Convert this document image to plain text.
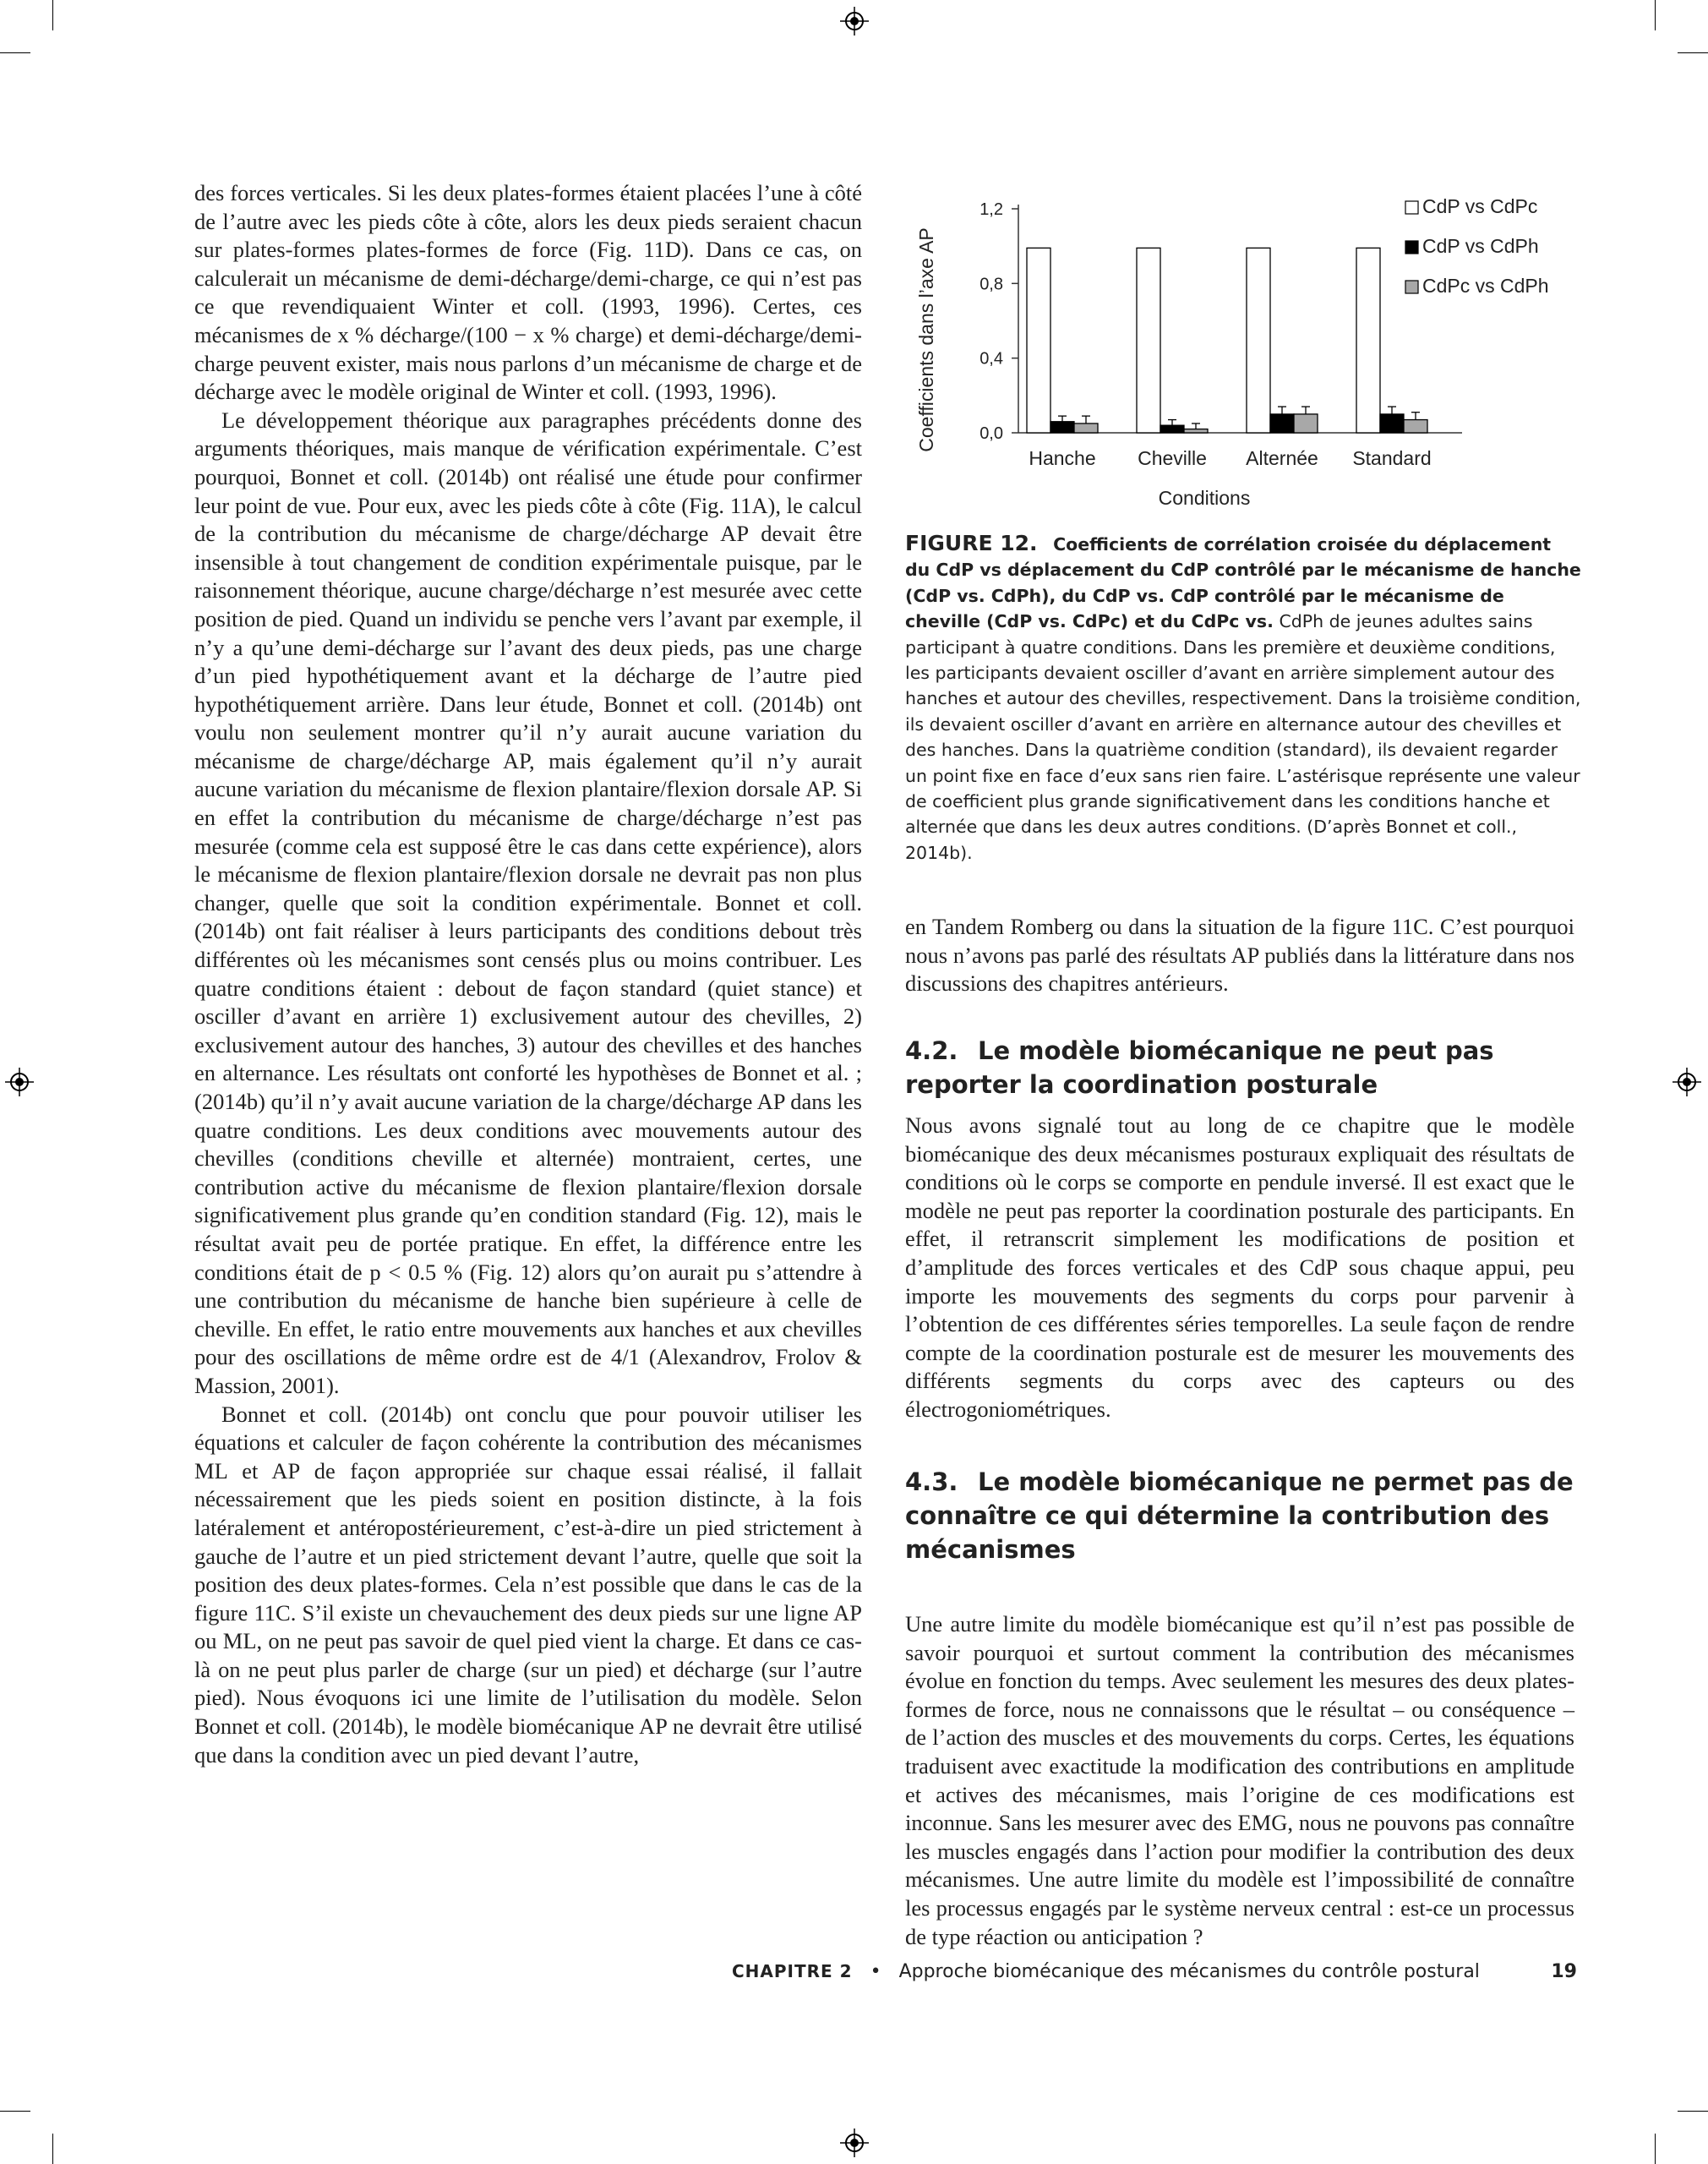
des forces verticales. Si les deux plates-formes étaient placées l’une à côté de l’autre avec les pieds côte à côte, alors les deux pieds seraient chacun sur plates-formes plates-formes de force (Fig. 11D). Dans ce cas, on calculerait un mécanisme de demi-décharge/demi-charge, ce qui n’est pas ce que revendiquaient Winter et coll. (1993, 1996). Certes, ces mécanismes de x % décharge/(100 − x % charge) et demi-décharge/demi-charge peuvent exister, mais nous parlons d’un mécanisme de charge et de décharge avec le modèle original de Winter et coll. (1993, 1996).

Le développement théorique aux paragraphes précédents donne des arguments théoriques, mais manque de vérification expérimentale. C’est pourquoi, Bonnet et coll. (2014b) ont réalisé une étude pour confirmer leur point de vue. Pour eux, avec les pieds côte à côte (Fig. 11A), le calcul de la contribution du mécanisme de charge/décharge AP devait être insensible à tout changement de condition expérimentale puisque, par le raisonnement théorique, aucune charge/décharge n’est mesurée avec cette position de pied. Quand un individu se penche vers l’avant par exemple, il n’y a qu’une demi-décharge sur l’avant des deux pieds, pas une charge d’un pied hypothétiquement avant et la décharge de l’autre pied hypothétiquement arrière. Dans leur étude, Bonnet et coll. (2014b) ont voulu non seulement montrer qu’il n’y aurait aucune variation du mécanisme de charge/décharge AP, mais également qu’il n’y aurait aucune variation du mécanisme de flexion plantaire/flexion dorsale AP. Si en effet la contribution du mécanisme de charge/décharge n’est pas mesurée (comme cela est supposé être le cas dans cette expérience), alors le mécanisme de flexion plantaire/flexion dorsale ne devrait pas non plus changer, quelle que soit la condition expérimentale. Bonnet et coll. (2014b) ont fait réaliser à leurs participants des conditions debout très différentes où les mécanismes sont censés plus ou moins contribuer. Les quatre conditions étaient : debout de façon standard (quiet stance) et osciller d’avant en arrière 1) exclusivement autour des chevilles, 2) exclusivement autour des hanches, 3) autour des chevilles et des hanches en alternance. Les résultats ont conforté les hypothèses de Bonnet et al. ; (2014b) qu’il n’y avait aucune variation de la charge/décharge AP dans les quatre conditions. Les deux conditions avec mouvements autour des chevilles (conditions cheville et alternée) montraient, certes, une contribution active du mécanisme de flexion plantaire/flexion dorsale significativement plus grande qu’en condition standard (Fig. 12), mais le résultat avait peu de portée pratique. En effet, la différence entre les conditions était de p < 0.5 % (Fig. 12) alors qu’on aurait pu s’attendre à une contribution du mécanisme de hanche bien supérieure à celle de cheville. En effet, le ratio entre mouvements aux hanches et aux chevilles pour des oscillations de même ordre est de 4/1 (Alexandrov, Frolov & Massion, 2001).

Bonnet et coll. (2014b) ont conclu que pour pouvoir utiliser les équations et calculer de façon cohérente la contribution des mécanismes ML et AP de façon appropriée sur chaque essai réalisé, il fallait nécessairement que les pieds soient en position distincte, à la fois latéralement et antéropostérieurement, c’est-à-dire un pied strictement à gauche de l’autre et un pied strictement devant l’autre, quelle que soit la position des deux plates-formes. Cela n’est possible que dans le cas de la figure 11C. S’il existe un chevauchement des deux pieds sur une ligne AP ou ML, on ne peut pas savoir de quel pied vient la charge. Et dans ce cas-là on ne peut plus parler de charge (sur un pied) et décharge (sur l’autre pied). Nous évoquons ici une limite de l’utilisation du modèle. Selon Bonnet et coll. (2014b), le modèle biomécanique AP ne devrait être utilisé que dans la condition avec un pied devant l’autre,

Coefficients dans l’axe AP	0,0
0,4
0,8
1,2
Hanche Cheville Alternée Standard
Conditions
CdP vs CdPc
CdP vs CdPh
CdPc vs CdPh
FIGURE 12. Coefficients de corrélation croisée du déplacement du CdP vs déplacement du CdP contrôlé par le mécanisme de hanche (CdP vs. CdPh), du CdP vs. CdP contrôlé par le mécanisme de cheville (CdP vs. CdPc) et du CdPc vs. CdPh de jeunes adultes sains participant à quatre conditions. Dans les première et deuxième conditions, les participants devaient osciller d’avant en arrière simplement autour des hanches et autour des chevilles, respectivement. Dans la troisième condition, ils devaient osciller d’avant en arrière en alternance autour des chevilles et des hanches. Dans la quatrième condition (standard), ils devaient regarder un point fixe en face d’eux sans rien faire. L’astérisque représente une valeur de coefficient plus grande significativement dans les conditions hanche et alternée que dans les deux autres conditions. (D’après Bonnet et coll., 2014b).

en Tandem Romberg ou dans la situation de la figure 11C. C’est pourquoi nous n’avons pas parlé des résultats AP publiés dans la littérature dans nos discussions des chapitres antérieurs.

4.2. Le modèle biomécanique ne peut pas reporter la coordination posturale

Nous avons signalé tout au long de ce chapitre que le modèle biomécanique des deux mécanismes posturaux expliquait des résultats de conditions où le corps se comporte en pendule inversé. Il est exact que le modèle ne peut pas reporter la coordination posturale des participants. En effet, il retranscrit simplement les modifications de position et d’amplitude des forces verticales et des CdP sous chaque appui, peu importe les mouvements des segments du corps pour parvenir à l’obtention de ces différentes séries temporelles. La seule façon de rendre compte de la coordination posturale est de mesurer les mouvements des différents segments du corps avec des capteurs ou des électrogoniométriques.

4.3. Le modèle biomécanique ne permet pas de connaître ce qui détermine la contribution des mécanismes

Une autre limite du modèle biomécanique est qu’il n’est pas possible de savoir pourquoi et surtout comment la contribution des mécanismes évolue en fonction du temps. Avec seulement les mesures des deux plates-formes de force, nous ne connaissons que le résultat – ou conséquence – de l’action des muscles et des mouvements du corps. Certes, les équations traduisent avec exactitude la modification des contributions en amplitude et actives des mécanismes, mais l’origine de ces modifications est inconnue. Sans les mesurer avec des EMG, nous ne pouvons pas connaître les muscles engagés dans l’action pour modifier la contribution des deux mécanismes. Une autre limite du modèle est l’impossibilité de connaître les processus engagés par le système nerveux central : est-ce un processus de type réaction ou anticipation ?

CHAPITRE 2 • Approche biomécanique des mécanismes du contrôle postural	19
